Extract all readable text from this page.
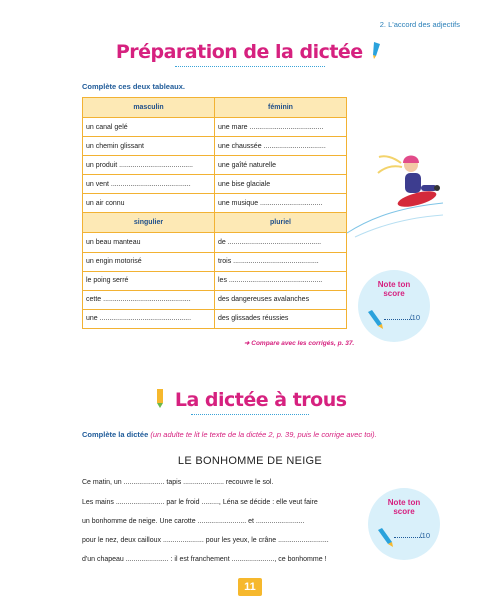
2. L'accord des adjectifs
Préparation de la dictée
Complète ces deux tableaux.
masculin	féminin
un canal gelé	une mare ......................................
un chemin glissant	une chaussée ................................
un produit ......................................	une gaîté naturelle
un vent .........................................	une bise glaciale
un air connu	une musique ................................
singulier	pluriel
un beau manteau	de ................................................
un engin motorisé	trois ............................................
le poing serré	les ................................................
cette .............................................	des dangereuses avalanches
une ...............................................	des glissades réussies
Note ton score
/10
➜ Compare avec les corrigés, p. 37.
La dictée à trous
Complète la dictée (un adulte te lit le texte de la dictée 2, p. 39, puis le corrige avec toi).
LE BONHOMME DE NEIGE
Ce matin, un ..................... tapis ..................... recouvre le sol.
Les mains ......................... par le froid ........., Léna se décide : elle veut faire
un bonhomme de neige. Une carotte ......................... et .........................
pour le nez, deux cailloux ..................... pour les yeux, le crâne ..........................
d'un chapeau ...................... : il est franchement ......................, ce bonhomme !
Note ton score
/10
11
